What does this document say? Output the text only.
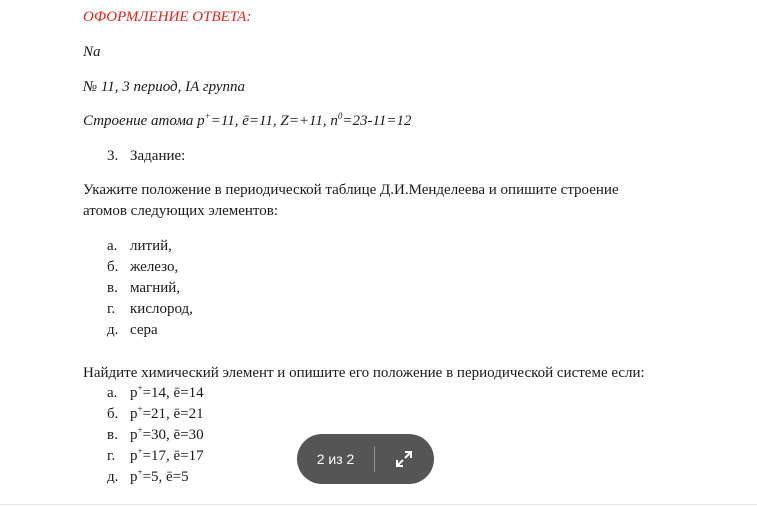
ОФОРМЛЕНИЕ ОТВЕТА:
Na
№ 11, 3 период, IA группа
Строение атома p+=11, ē=11, Z=+11, $n^0=23-11=12$
3. Задание:
Укажите положение в периодической таблице Д.И.Менделеева и опишите строение
атомов следующих элементов:
а. литий,
б. железо,
в. магний,
г. кислород,
д. сера
Найдите химический элемент и опишите его положение в периодической системе если:
а. p+=14, ē=14
б. p+=21, ē=21
в. p+=30, ē=30
г. p+=17, ē=17
д. p+=5, ē=5
2 из 2
